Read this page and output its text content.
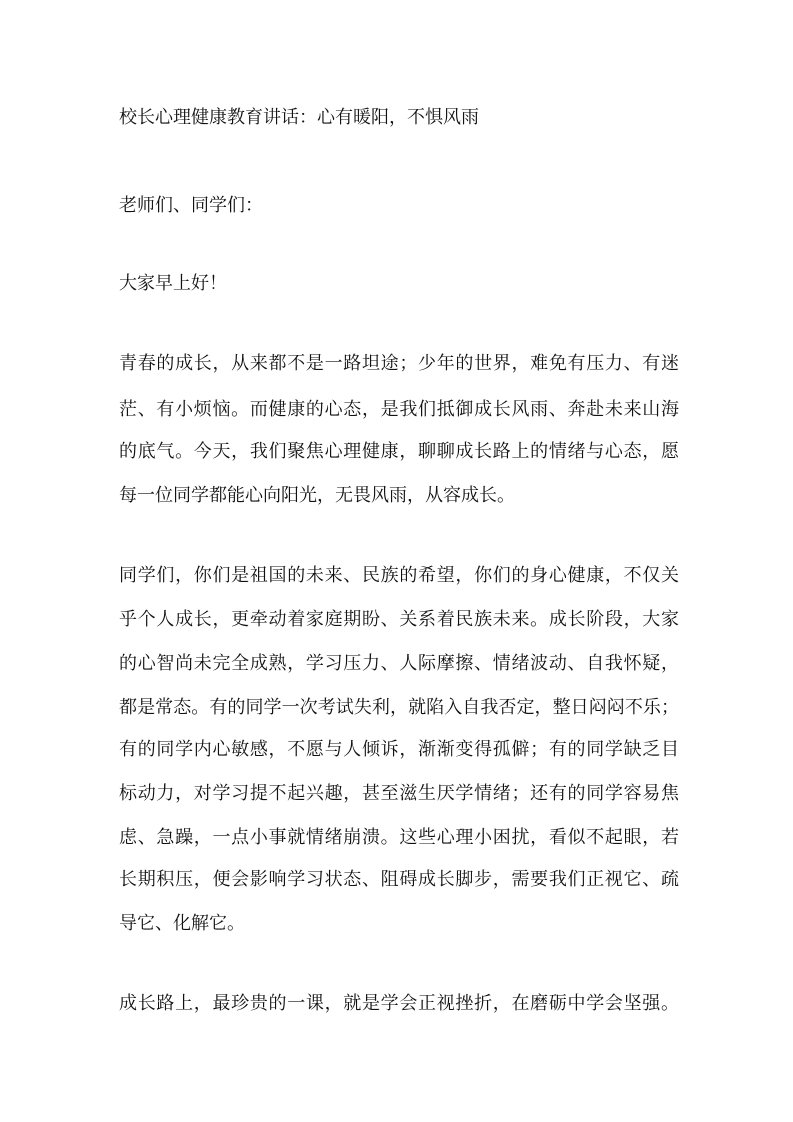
校长心理健康教育讲话：心有暖阳，不惧风雨

老师们、同学们：

大家早上好！

青春的成长，从来都不是一路坦途；少年的世界，难免有压力、有迷

茫、有小烦恼。而健康的心态，是我们抵御成长风雨、奔赴未来山海

的底气。今天，我们聚焦心理健康，聊聊成长路上的情绪与心态，愿

每一位同学都能心向阳光，无畏风雨，从容成长。

同学们，你们是祖国的未来、民族的希望，你们的身心健康，不仅关

乎个人成长，更牵动着家庭期盼、关系着民族未来。成长阶段，大家

的心智尚未完全成熟，学习压力、人际摩擦、情绪波动、自我怀疑，

都是常态。有的同学一次考试失利，就陷入自我否定，整日闷闷不乐；

有的同学内心敏感，不愿与人倾诉，渐渐变得孤僻；有的同学缺乏目

标动力，对学习提不起兴趣，甚至滋生厌学情绪；还有的同学容易焦

虑、急躁，一点小事就情绪崩溃。这些心理小困扰，看似不起眼，若

长期积压，便会影响学习状态、阻碍成长脚步，需要我们正视它、疏

导它、化解它。

成长路上，最珍贵的一课，就是学会正视挫折，在磨砺中学会坚强。
